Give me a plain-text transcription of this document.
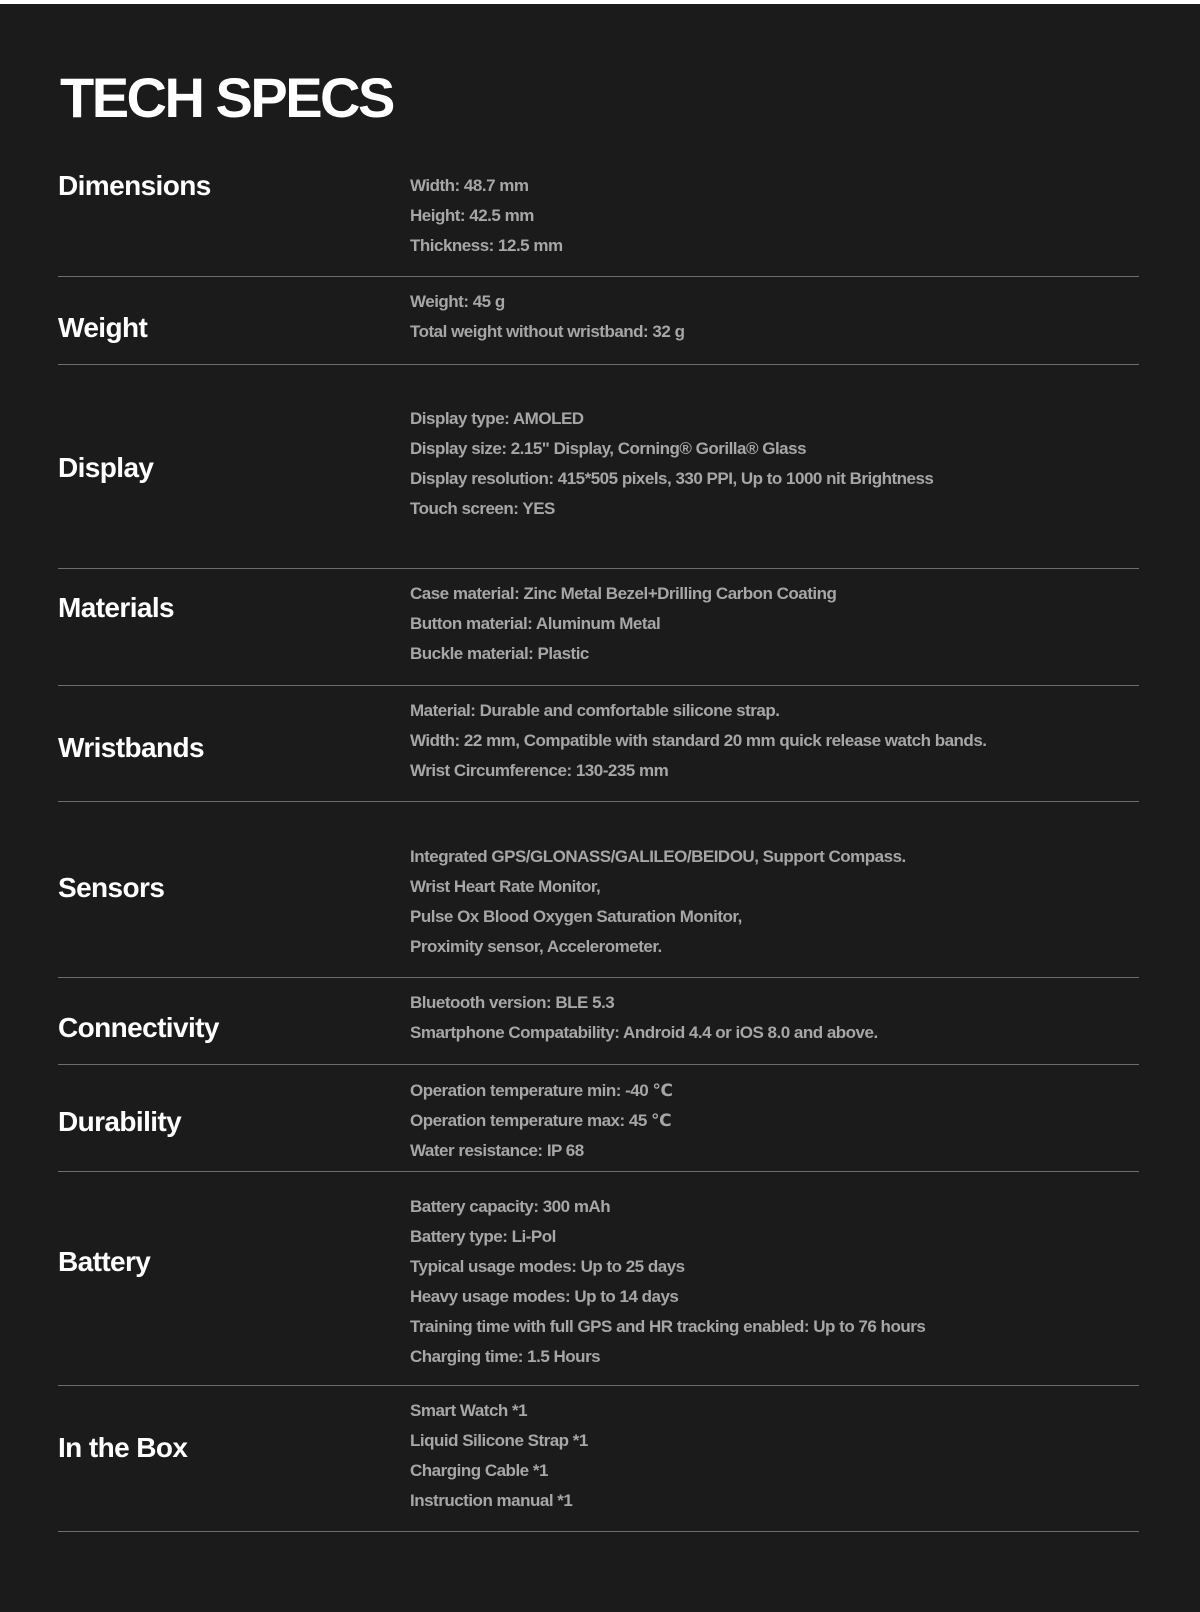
TECH SPECS
Dimensions	Width: 48.7 mm
Height: 42.5 mm
Thickness: 12.5 mm
Weight
Weight: 45 g
Total weight without wristband: 32 g
Display
Display type: AMOLED
Display size: 2.15" Display, Corning® Gorilla® Glass
Display resolution: 415*505 pixels, 330 PPI, Up to 1000 nit Brightness
Touch screen: YES
Materials	Case material: Zinc Metal Bezel+Drilling Carbon Coating
Button material: Aluminum Metal
Buckle material: Plastic
Wristbands
Material: Durable and comfortable silicone strap.
Width: 22 mm, Compatible with standard 20 mm quick release watch bands.
Wrist Circumference: 130-235 mm
Sensors
Integrated GPS/GLONASS/GALILEO/BEIDOU, Support Compass.
Wrist Heart Rate Monitor,
Pulse Ox Blood Oxygen Saturation Monitor,
Proximity sensor, Accelerometer.
Connectivity
Bluetooth version: BLE 5.3
Smartphone Compatability: Android 4.4 or iOS 8.0 and above.
Durability
Operation temperature min: -40 ℃
Operation temperature max: 45 ℃
Water resistance: IP 68
Battery
Battery capacity: 300 mAh
Battery type: Li-Pol
Typical usage modes: Up to 25 days
Heavy usage modes: Up to 14 days
Training time with full GPS and HR tracking enabled: Up to 76 hours
Charging time: 1.5 Hours
In the Box
Smart Watch *1
Liquid Silicone Strap *1
Charging Cable *1
Instruction manual *1
